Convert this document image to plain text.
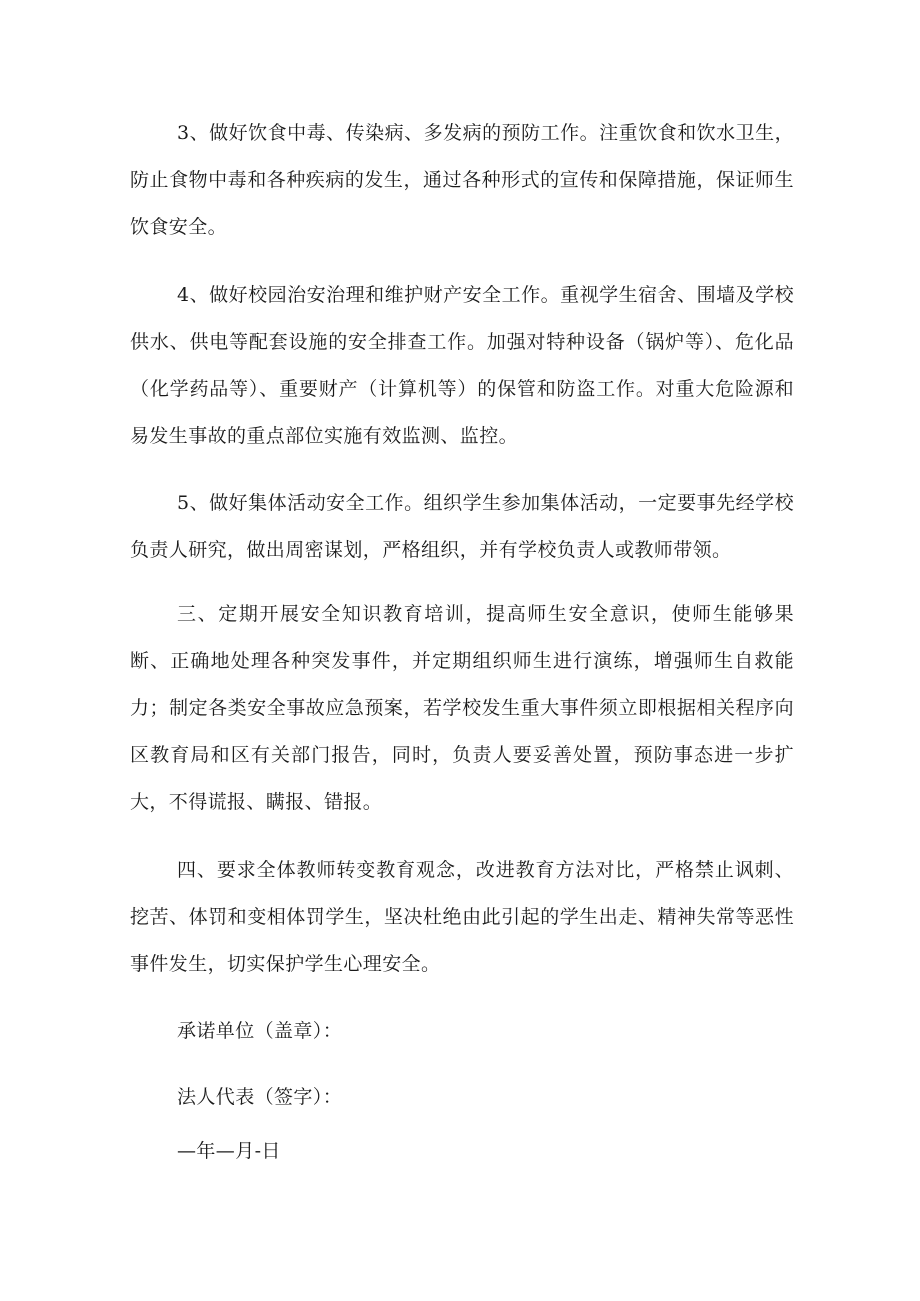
3、做好饮食中毒、传染病、多发病的预防工作。注重饮食和饮水卫生，防止食物中毒和各种疾病的发生，通过各种形式的宣传和保障措施，保证师生饮食安全。

4、做好校园治安治理和维护财产安全工作。重视学生宿舍、围墙及学校供水、供电等配套设施的安全排查工作。加强对特种设备（锅炉等）、危化品（化学药品等）、重要财产（计算机等）的保管和防盗工作。对重大危险源和易发生事故的重点部位实施有效监测、监控。

5、做好集体活动安全工作。组织学生参加集体活动，一定要事先经学校负责人研究，做出周密谋划，严格组织，并有学校负责人或教师带领。

三、定期开展安全知识教育培训，提高师生安全意识，使师生能够果断、正确地处理各种突发事件，并定期组织师生进行演练，增强师生自救能力；制定各类安全事故应急预案，若学校发生重大事件须立即根据相关程序向区教育局和区有关部门报告，同时，负责人要妥善处置，预防事态进一步扩大，不得谎报、瞒报、错报。

四、要求全体教师转变教育观念，改进教育方法对比，严格禁止讽刺、挖苦、体罚和变相体罚学生，坚决杜绝由此引起的学生出走、精神失常等恶性事件发生，切实保护学生心理安全。

承诺单位（盖章）：

法人代表（签字）：

—年—月-日
